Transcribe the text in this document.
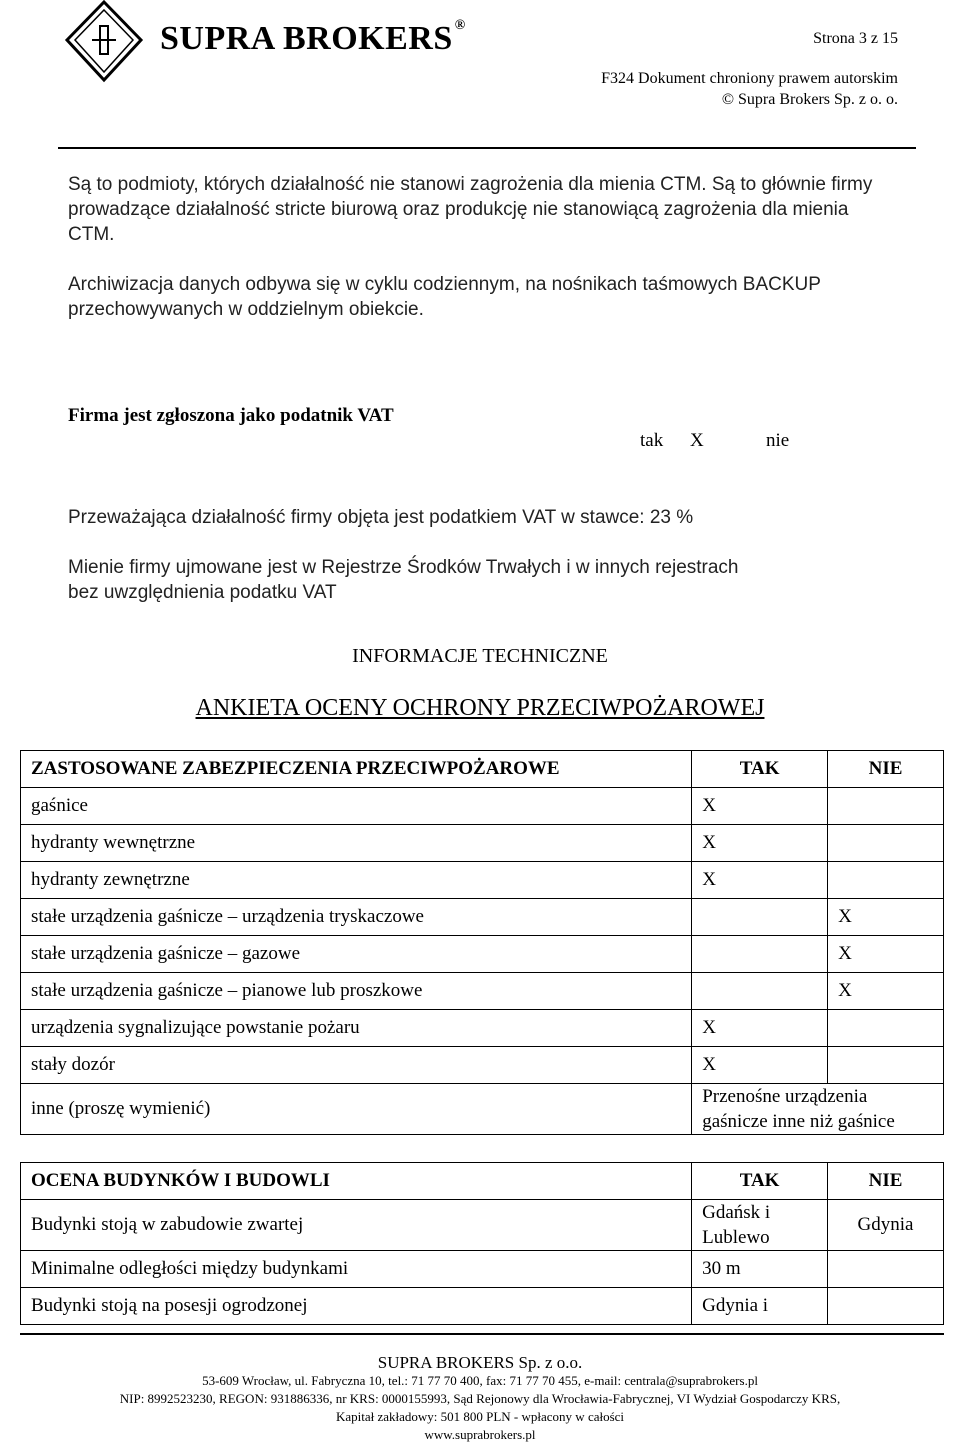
SUPRA BROKERS ®
Strona 3 z 15
F324 Dokument chroniony prawem autorskim
© Supra Brokers Sp. z o. o.
Są to podmioty, których działalność nie stanowi zagrożenia dla mienia CTM. Są to głównie firmy prowadzące działalność stricte biurową oraz produkcję nie stanowiącą zagrożenia dla mienia CTM.
Archiwizacja danych odbywa się w cyklu codziennym, na nośnikach taśmowych BACKUP przechowywanych w oddzielnym obiekcie.
Firma jest zgłoszona jako podatnik VAT
tak X	nie
Przeważająca działalność firmy objęta jest podatkiem VAT w stawce: 23 %
Mienie firmy ujmowane jest w Rejestrze Środków Trwałych i w innych rejestrach
bez uwzględnienia podatku VAT
INFORMACJE TECHNICZNE
ANKIETA OCENY OCHRONY PRZECIWPOŻAROWEJ
ZASTOSOWANE ZABEZPIECZENIA PRZECIWPOŻAROWE	TAK	NIE
gaśnice	X	
hydranty wewnętrzne	X	
hydranty zewnętrzne	X	
stałe urządzenia gaśnicze – urządzenia tryskaczowe		X
stałe urządzenia gaśnicze – gazowe		X
stałe urządzenia gaśnicze – pianowe lub proszkowe		X
urządzenia sygnalizujące powstanie pożaru	X	
stały dozór	X	
inne (proszę wymienić)	Przenośne urządzenia gaśnicze inne niż gaśnice	
OCENA BUDYNKÓW I BUDOWLI	TAK	NIE
Budynki stoją w zabudowie zwartej	Gdańsk i Lublewo	Gdynia
Minimalne odległości między budynkami	30 m	
Budynki stoją na posesji ogrodzonej	Gdynia i	
SUPRA BROKERS Sp. z o.o.
53-609 Wrocław, ul. Fabryczna 10, tel.: 71 77 70 400, fax: 71 77 70 455, e-mail: centrala@suprabrokers.pl
NIP: 8992523230, REGON: 931886336, nr KRS: 0000155993, Sąd Rejonowy dla Wrocławia-Fabrycznej, VI Wydział Gospodarczy KRS,
Kapitał zakładowy: 501 800 PLN - wpłacony w całości
www.suprabrokers.pl
